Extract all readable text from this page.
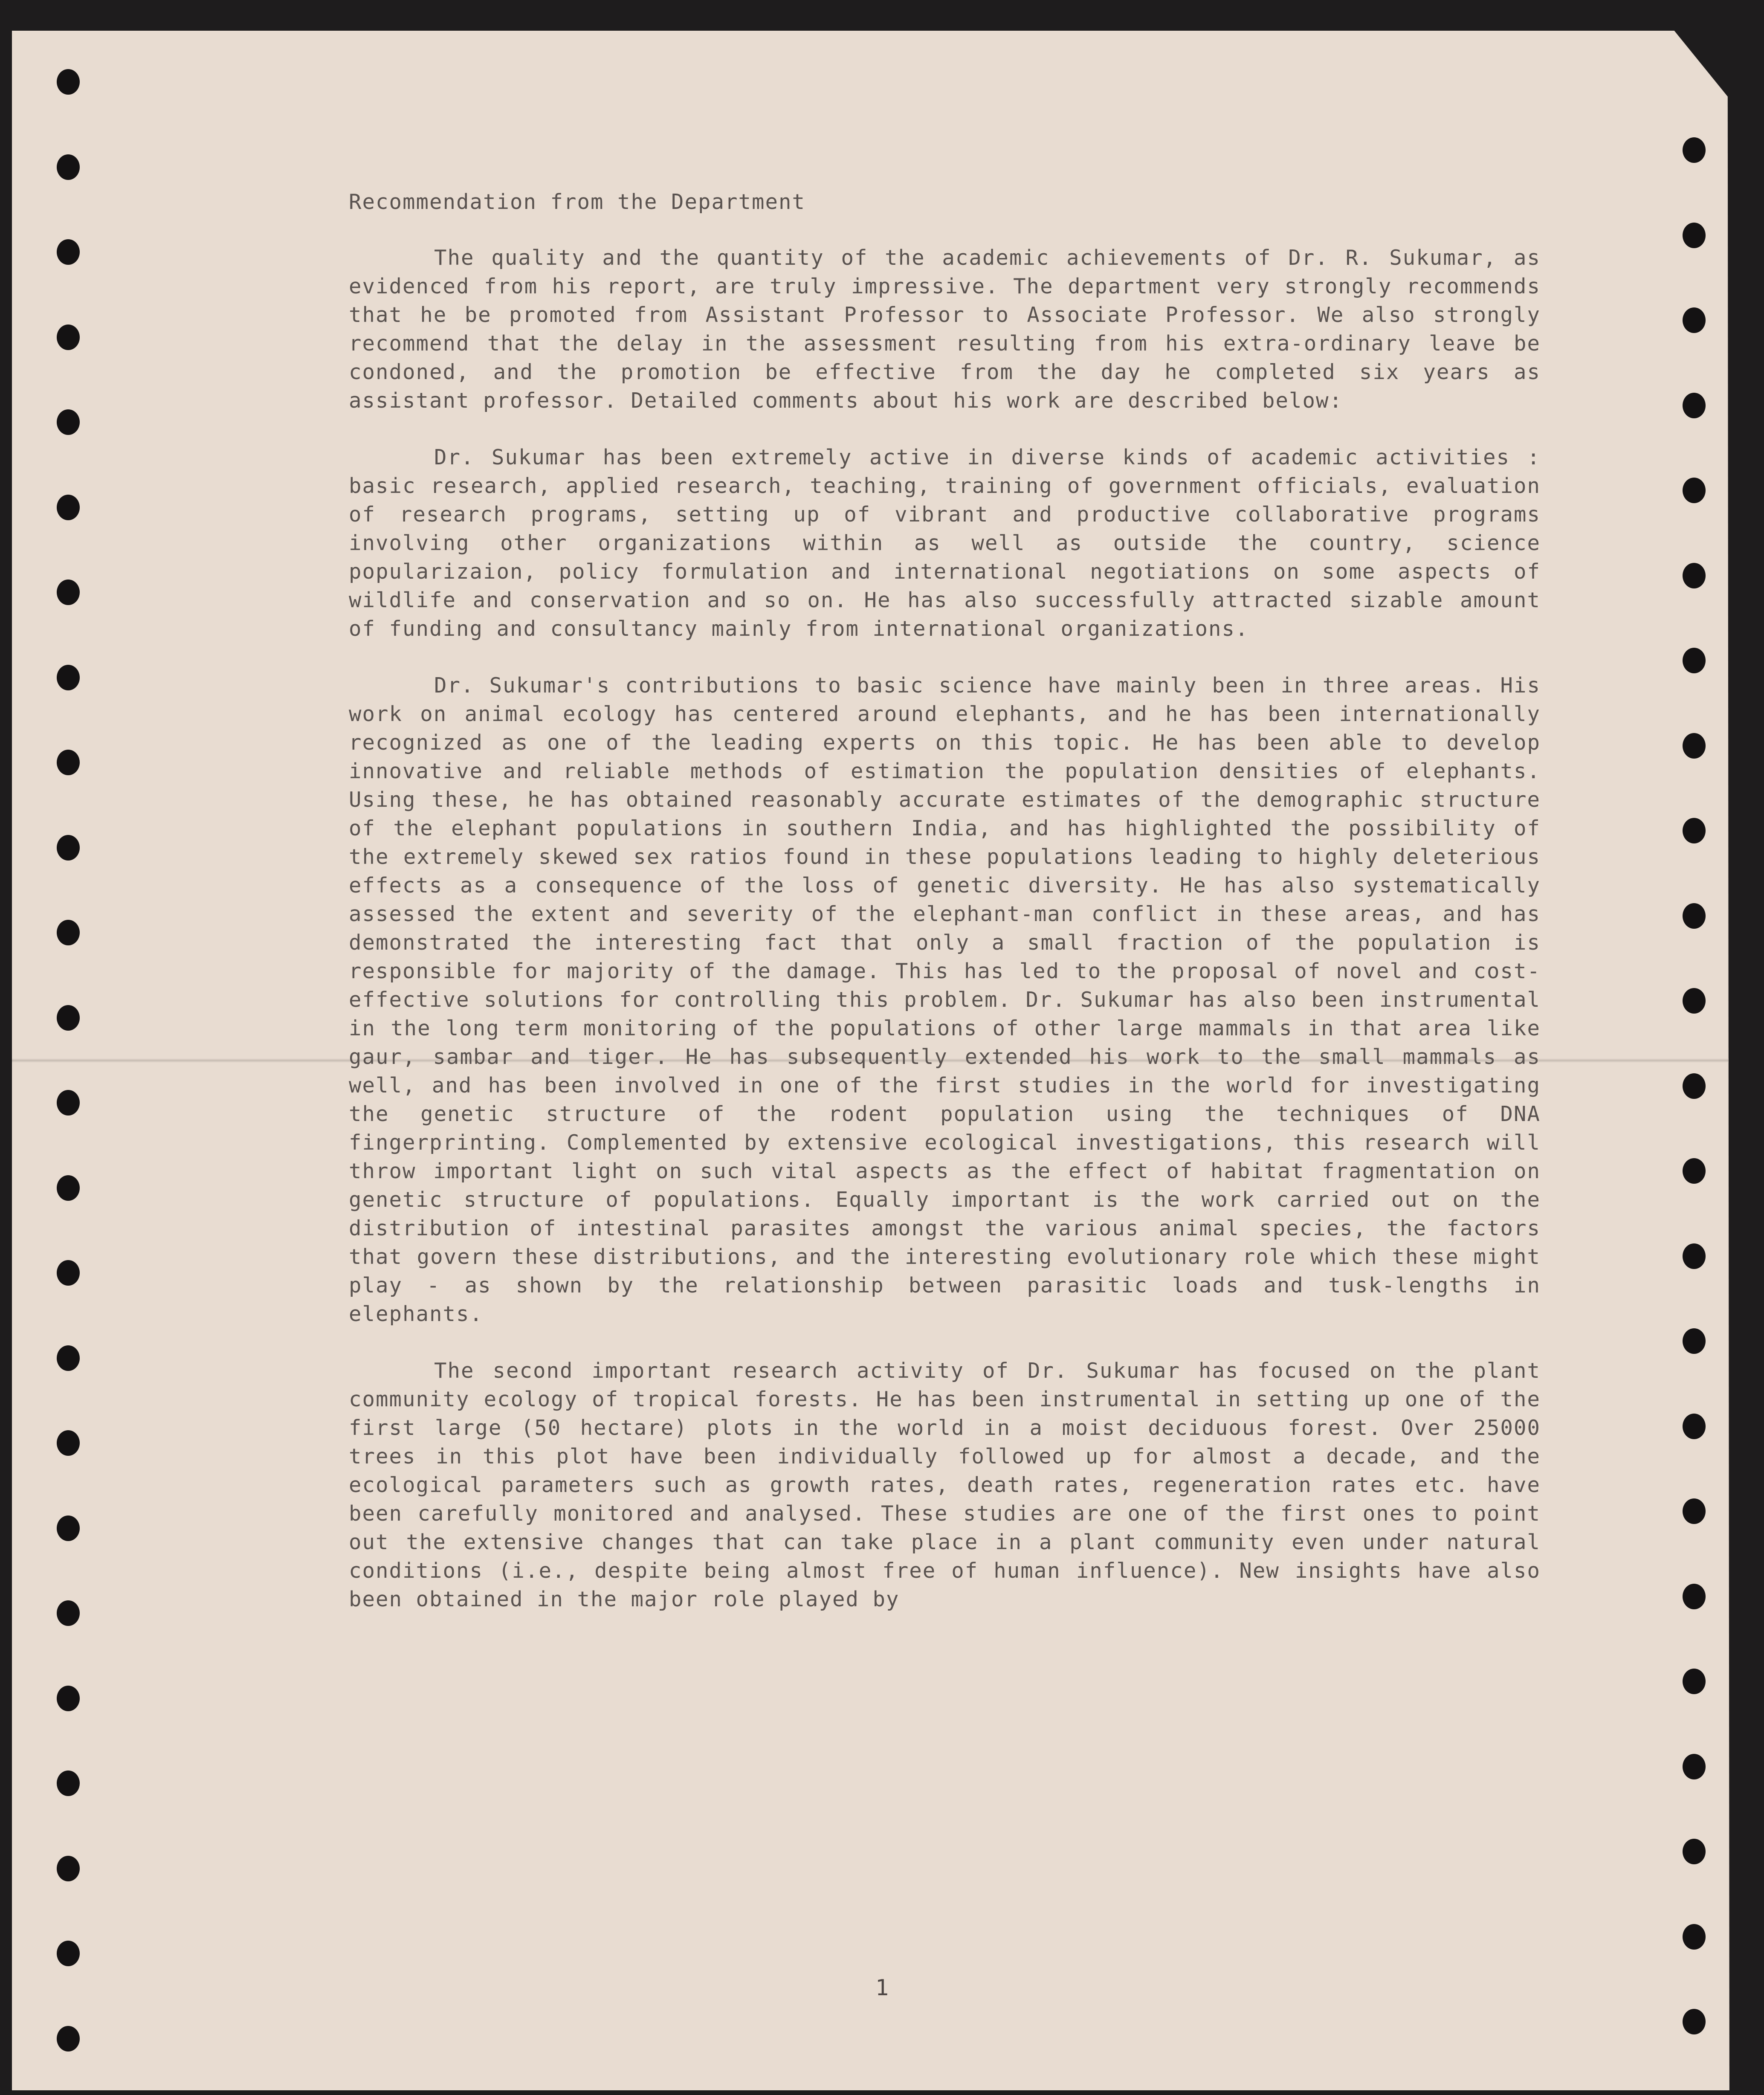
Recommendation from the Department

The quality and the quantity of the academic achievements of Dr. R. Sukumar, as evidenced from his report, are truly impressive. The department very strongly recommends that he be promoted from Assistant Professor to Associate Professor. We also strongly recommend that the delay in the assessment resulting from his extra-ordinary leave be condoned, and the promotion be effective from the day he completed six years as assistant professor. Detailed comments about his work are described below:

Dr. Sukumar has been extremely active in diverse kinds of academic activities : basic research, applied research, teaching, training of government officials, evaluation of research programs, setting up of vibrant and productive collaborative programs involving other organizations within as well as outside the country, science popularizaion, policy formulation and international negotiations on some aspects of wildlife and conservation and so on. He has also successfully attracted sizable amount of funding and consultancy mainly from international organizations.

Dr. Sukumar's contributions to basic science have mainly been in three areas. His work on animal ecology has centered around elephants, and he has been internationally recognized as one of the leading experts on this topic. He has been able to develop innovative and reliable methods of estimation the population densities of elephants. Using these, he has obtained reasonably accurate estimates of the demographic structure of the elephant populations in southern India, and has highlighted the possibility of the extremely skewed sex ratios found in these populations leading to highly deleterious effects as a consequence of the loss of genetic diversity. He has also systematically assessed the extent and severity of the elephant-man conflict in these areas, and has demonstrated the interesting fact that only a small fraction of the population is responsible for majority of the damage. This has led to the proposal of novel and cost-effective solutions for controlling this problem. Dr. Sukumar has also been instrumental in the long term monitoring of the populations of other large mammals in that area like gaur, sambar and tiger. He has subsequently extended his work to the small mammals as well, and has been involved in one of the first studies in the world for investigating the genetic structure of the rodent population using the techniques of DNA fingerprinting. Complemented by extensive ecological investigations, this research will throw important light on such vital aspects as the effect of habitat fragmentation on genetic structure of populations. Equally important is the work carried out on the distribution of intestinal parasites amongst the various animal species, the factors that govern these distributions, and the interesting evolutionary role which these might play - as shown by the relationship between parasitic loads and tusk-lengths in elephants.

The second important research activity of Dr. Sukumar has focused on the plant community ecology of tropical forests. He has been instrumental in setting up one of the first large (50 hectare) plots in the world in a moist deciduous forest. Over 25000 trees in this plot have been individually followed up for almost a decade, and the ecological parameters such as growth rates, death rates, regeneration rates etc. have been carefully monitored and analysed. These studies are one of the first ones to point out the extensive changes that can take place in a plant community even under natural conditions (i.e., despite being almost free of human influence). New insights have also been obtained in the major role played by

1
